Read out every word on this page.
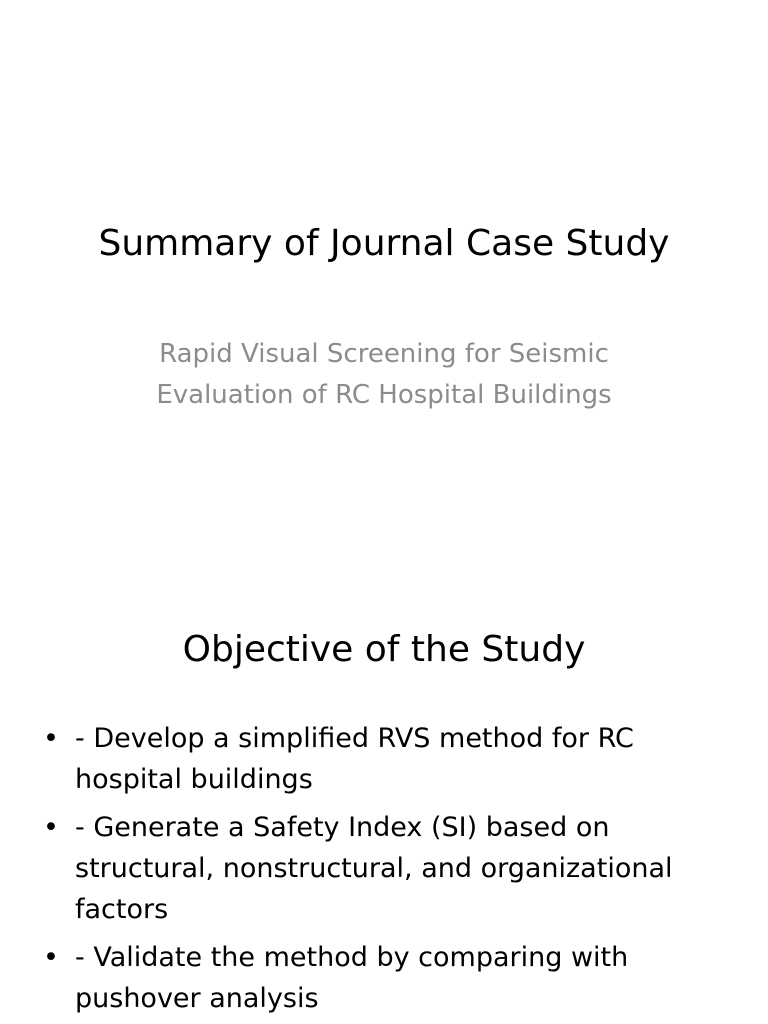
Summary of Journal Case Study
Rapid Visual Screening for Seismic
Evaluation of RC Hospital Buildings
Objective of the Study
• - Develop a simplified RVS method for RC hospital buildings
• - Generate a Safety Index (SI) based on structural, nonstructural, and organizational factors
• - Validate the method by comparing with pushover analysis
